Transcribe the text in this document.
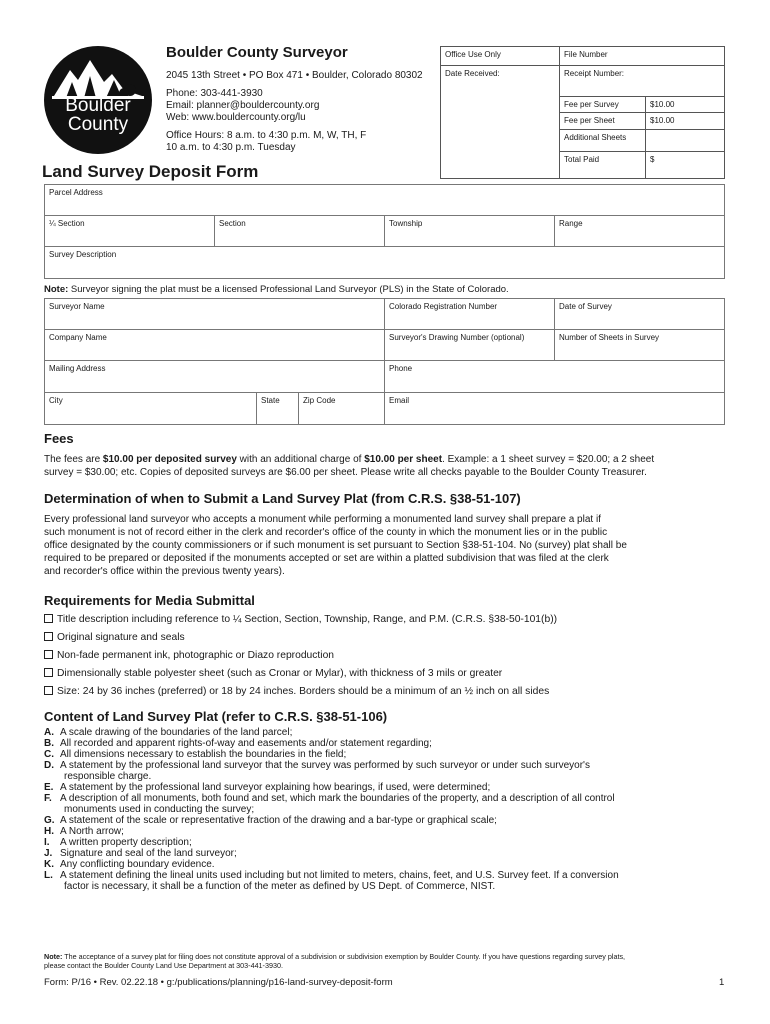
Boulder
County
Boulder County Surveyor
2045 13th Street • PO Box 471 • Boulder, Colorado 80302
Phone: 303-441-3930
Email: planner@bouldercounty.org
Web: www.bouldercounty.org/lu
Office Hours: 8 a.m. to 4:30 p.m. M, W, TH, F
10 a.m. to 4:30 p.m. Tuesday
Office Use Only	File Number
Date Received:	Receipt Number:
Fee per Survey	$10.00
Fee per Sheet	$10.00
Additional Sheets
Total Paid	$
Land Survey Deposit Form
Parcel Address
¼ Section	Section	Township	Range
Survey Description
Note: Surveyor signing the plat must be a licensed Professional Land Surveyor (PLS) in the State of Colorado.
Surveyor Name	Colorado Registration Number	Date of Survey
Company Name	Surveyor's Drawing Number (optional)	Number of Sheets in Survey
Mailing Address	Phone
City	State	Zip Code	Email
Fees
The fees are $10.00 per deposited survey with an additional charge of $10.00 per sheet. Example: a 1 sheet survey = $20.00; a 2 sheet
survey = $30.00; etc. Copies of deposited surveys are $6.00 per sheet. Please write all checks payable to the Boulder County Treasurer.
Determination of when to Submit a Land Survey Plat (from C.R.S. §38-51-107)
Every professional land surveyor who accepts a monument while performing a monumented land survey shall prepare a plat if
such monument is not of record either in the clerk and recorder's office of the county in which the monument lies or in the public
office designated by the county commissioners or if such monument is set pursuant to Section §38-51-104. No (survey) plat shall be
required to be prepared or deposited if the monuments accepted or set are within a platted subdivision that was filed at the clerk
and recorder's office within the previous twenty years).
Requirements for Media Submittal
Title description including reference to ¼ Section, Section, Township, Range, and P.M. (C.R.S. §38-50-101(b))
Original signature and seals
Non-fade permanent ink, photographic or Diazo reproduction
Dimensionally stable polyester sheet (such as Cronar or Mylar), with thickness of 3 mils or greater
Size: 24 by 36 inches (preferred) or 18 by 24 inches. Borders should be a minimum of an ½ inch on all sides
Content of Land Survey Plat (refer to C.R.S. §38-51-106)
A. A scale drawing of the boundaries of the land parcel;
B. All recorded and apparent rights-of-way and easements and/or statement regarding;
C. All dimensions necessary to establish the boundaries in the field;
D. A statement by the professional land surveyor that the survey was performed by such surveyor or under such surveyor's
responsible charge.
E. A statement by the professional land surveyor explaining how bearings, if used, were determined;
F. A description of all monuments, both found and set, which mark the boundaries of the property, and a description of all control
monuments used in conducting the survey;
G. A statement of the scale or representative fraction of the drawing and a bar-type or graphical scale;
H. A North arrow;
I. A written property description;
J. Signature and seal of the land surveyor;
K. Any conflicting boundary evidence.
L. A statement defining the lineal units used including but not limited to meters, chains, feet, and U.S. Survey feet. If a conversion
factor is necessary, it shall be a function of the meter as defined by US Dept. of Commerce, NIST.
Note: The acceptance of a survey plat for filing does not constitute approval of a subdivision or subdivision exemption by Boulder County. If you have questions regarding survey plats,
please contact the Boulder County Land Use Department at 303-441-3930.
Form: P/16 • Rev. 02.22.18 • g:/publications/planning/p16-land-survey-deposit-form	1
